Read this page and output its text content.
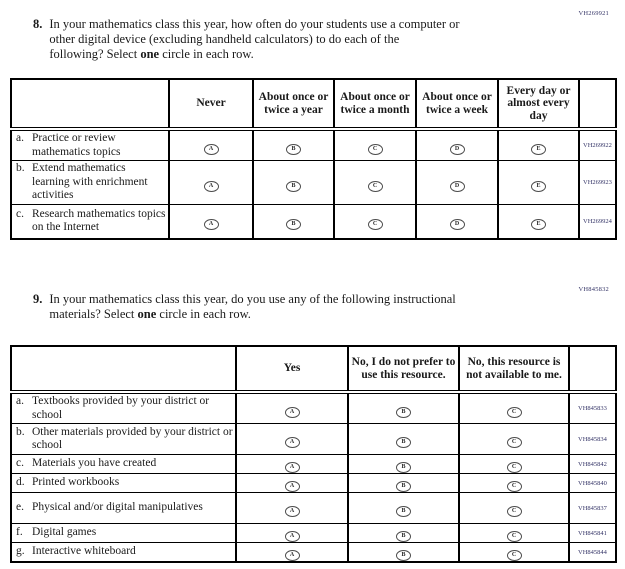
VH269921
8. In your mathematics class this year, how often do your students use a computer or
other digital device (excluding handheld calculators) to do each of the
following? Select one circle in each row.
	Never	About once or twice a year	About once or twice a month	About once or twice a week	Every day or almost every day	

a. Practice or review mathematics topics	A	B	C	D	E	VH269922

b. Extend mathematics learning with enrichment activities	A	B	C	D	E	VH269923

c. Research mathematics topics on the Internet	A	B	C	D	E	VH269924
VH845832
9. In your mathematics class this year, do you use any of the following instructional
materials? Select one circle in each row.
	Yes	No, I do not prefer to use this resource.	No, this resource is not available to me.	

a. Textbooks provided by your district or school	A	B	C	VH845833

b. Other materials provided by your district or school	A	B	C	VH845834

c. Materials you have created	A	B	C	VH845842

d. Printed workbooks	A	B	C	VH845840

e. Physical and/or digital manipulatives	A	B	C	VH845837

f. Digital games	A	B	C	VH845841

g. Interactive whiteboard	A	B	C	VH845844
